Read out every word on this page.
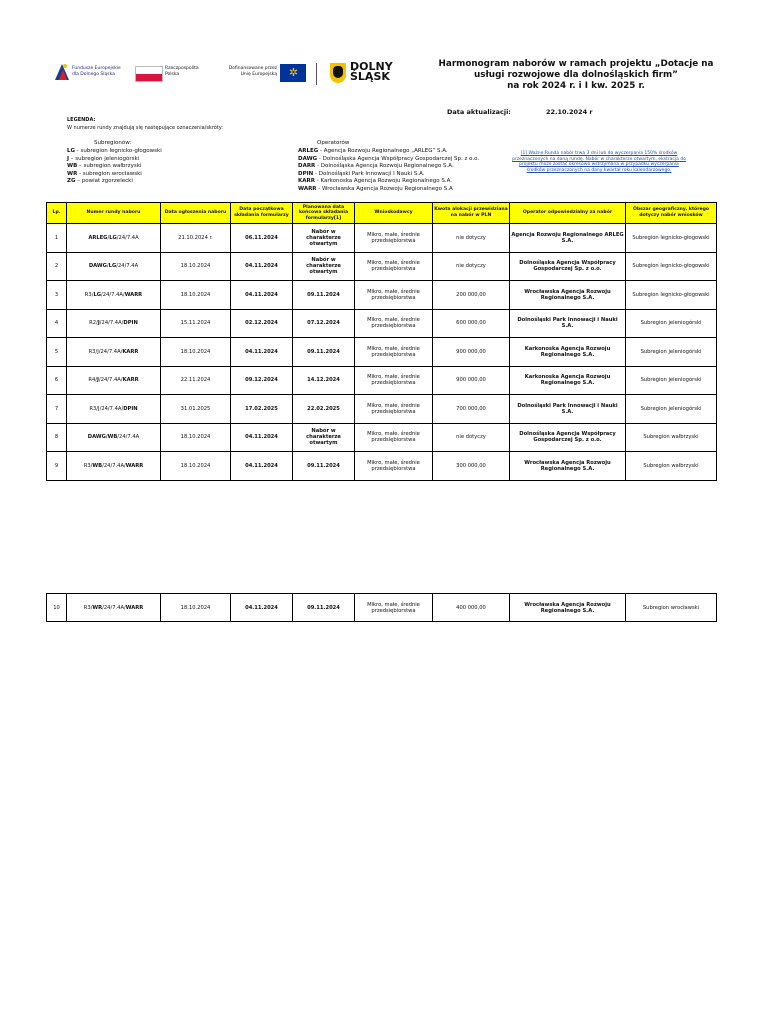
Fundusze Europejskie
dla Dolnego Śląska
Rzeczpospolita
Polska
Dofinansowane przez
Unię Europejską	✲	DOLNY
ŚLĄSK
Harmonogram naborów w ramach projektu „Dotacje na
usługi rozwojowe dla dolnośląskich firm”
na rok 2024 r. i I kw. 2025 r.
Data aktualizacji:	22.10.2024 r
LEGENDA:
W numerze rundy znajdują się następujące oznaczenia/skróty:
Subregionów:
LG - subregion legnicko-głogowski
J – subregion jeleniogórski
WB – subregion wałbrzyski
WR - subregion wrocławski
ZG – powiat zgorzelecki
Operatorów
ARLEG - Agencja Rozwoju Regionalnego „ARLEG” S.A.
DAWG - Dolnośląska Agencja Współpracy Gospodarczej Sp. z o.o.
DARR - Dolnośląska Agencja Rozwoju Regionalnego S.A.
DPIN - Dolnośląski Park Innowacji I Nauki S.A.
KARR - Karkonoska Agencja Rozwoju Regionalnego S.A.
WARR - Wrocławska Agencja Rozwoju Regionalnego S.A
[1] Ważne:Runda nabór trwa 3 dni lub do wyczerpania 150% środków przeznaczonych na daną rundę. Nabór w charakterze otwartym, ekstracja do projektu może zostać okresowo wstrzymana w przypadku wyczerpania środków przeznaczonych na dany kwartał roku kalendarzowego.
Lp.	Numer rundy naboru	Data ogłoszenia naboru	Data początkowa składania formularzy	Planowana data końcowa składania formularzy[1]	Wnioskodawcy	Kwota alokacji przewidziana na nabór w PLN	Operator odpowiedzialny za nabór	Obszar geograficzny, którego dotyczy nabór wniosków
1	ARLEG/LG/24/7.4A	21.10.2024 r.	06.11.2024	Nabór w charakterze otwartym	Mikro, małe, średnie przedsiębiorstwa	nie dotyczy	Agencja Rozwoju Regionalnego ARLEG S.A.	Subregion legnicko-głogowski
2	DAWG/LG/24/7.4A	18.10.2024	04.11.2024	Nabór w charakterze otwartym	Mikro, małe, średnie przedsiębiorstwa	nie dotyczy	Dolnośląska Agencja Współpracy Gospodarczej Sp. z o.o.	Subregion legnicko-głogowski
3	R3/LG/24/7.4A/WARR	18.10.2024	04.11.2024	09.11.2024	Mikro, małe, średnie przedsiębiorstwa	200 000,00	Wrocławska Agencja Rozwoju Regionalnego S.A.	Subregion legnicko-głogowski
4	R2/J/24/7.4A/DPIN	15.11.2024	02.12.2024	07.12.2024	Mikro, małe, średnie przedsiębiorstwa	600 000,00	Dolnośląski Park Innowacji i Nauki S.A.	Subregion jeleniogórski
5	R3/J/24/7.4A/KARR	18.10.2024	04.11.2024	09.11.2024	Mikro, małe, średnie przedsiębiorstwa	900 000,00	Karkonoska Agencja Rozwoju Regionalnego S.A.	Subregion jeleniogórski
6	R4/J/24/7.4A/KARR	22.11.2024	09.12.2024	14.12.2024	Mikro, małe, średnie przedsiębiorstwa	900 000,00	Karkonoska Agencja Rozwoju Regionalnego S.A.	Subregion jeleniogórski
7	R3/J/24/7.4A/DPIN	31.01.2025	17.02.2025	22.02.2025	Mikro, małe, średnie przedsiębiorstwa	700 000,00	Dolnośląski Park Innowacji i Nauki S.A.	Subregion jeleniogórski
8	DAWG/WB/24/7.4A	18.10.2024	04.11.2024	Nabór w charakterze otwartym	Mikro, małe, średnie przedsiębiorstwa	nie dotyczy	Dolnośląska Agencja Współpracy Gospodarczej Sp. z o.o.	Subregion wałbrzyski
9	R3/WB/24/7.4A/WARR	18.10.2024	04.11.2024	09.11.2024	Mikro, małe, średnie przedsiębiorstwa	300 000,00	Wrocławska Agencja Rozwoju Regionalnego S.A.	Subregion wałbrzyski
10	R3/WR/24/7.4A/WARR	18.10.2024	04.11.2024	09.11.2024	Mikro, małe, średnie przedsiębiorstwa	400 000,00	Wrocławska Agencja Rozwoju Regionalnego S.A.	Subregion wrocławski
